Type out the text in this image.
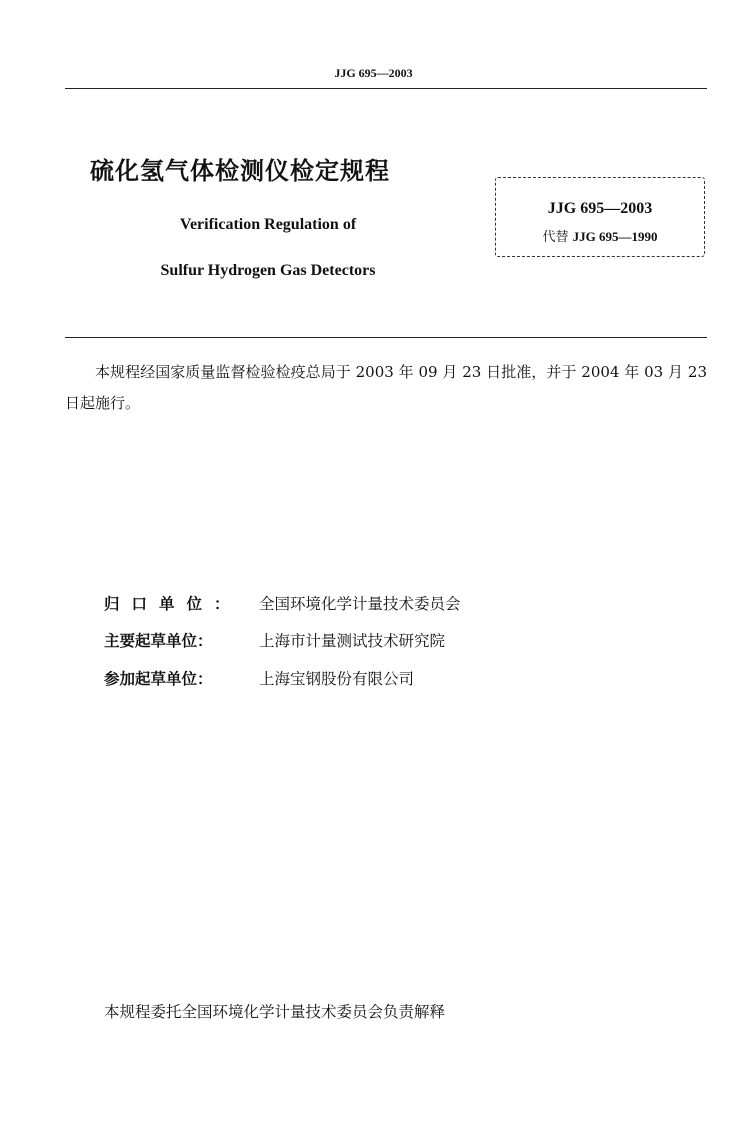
JJG 695—2003
硫化氢气体检测仪检定规程
Verification Regulation of
Sulfur Hydrogen Gas Detectors
JJG 695—2003
代替 JJG 695—1990
本规程经国家质量监督检验检疫总局于 2003 年 09 月 23 日批准，并于 2004 年 03 月 23 日起施行。
归口单位： 全国环境化学计量技术委员会
主要起草单位：	上海市计量测试技术研究院
参加起草单位：	上海宝钢股份有限公司
本规程委托全国环境化学计量技术委员会负责解释
